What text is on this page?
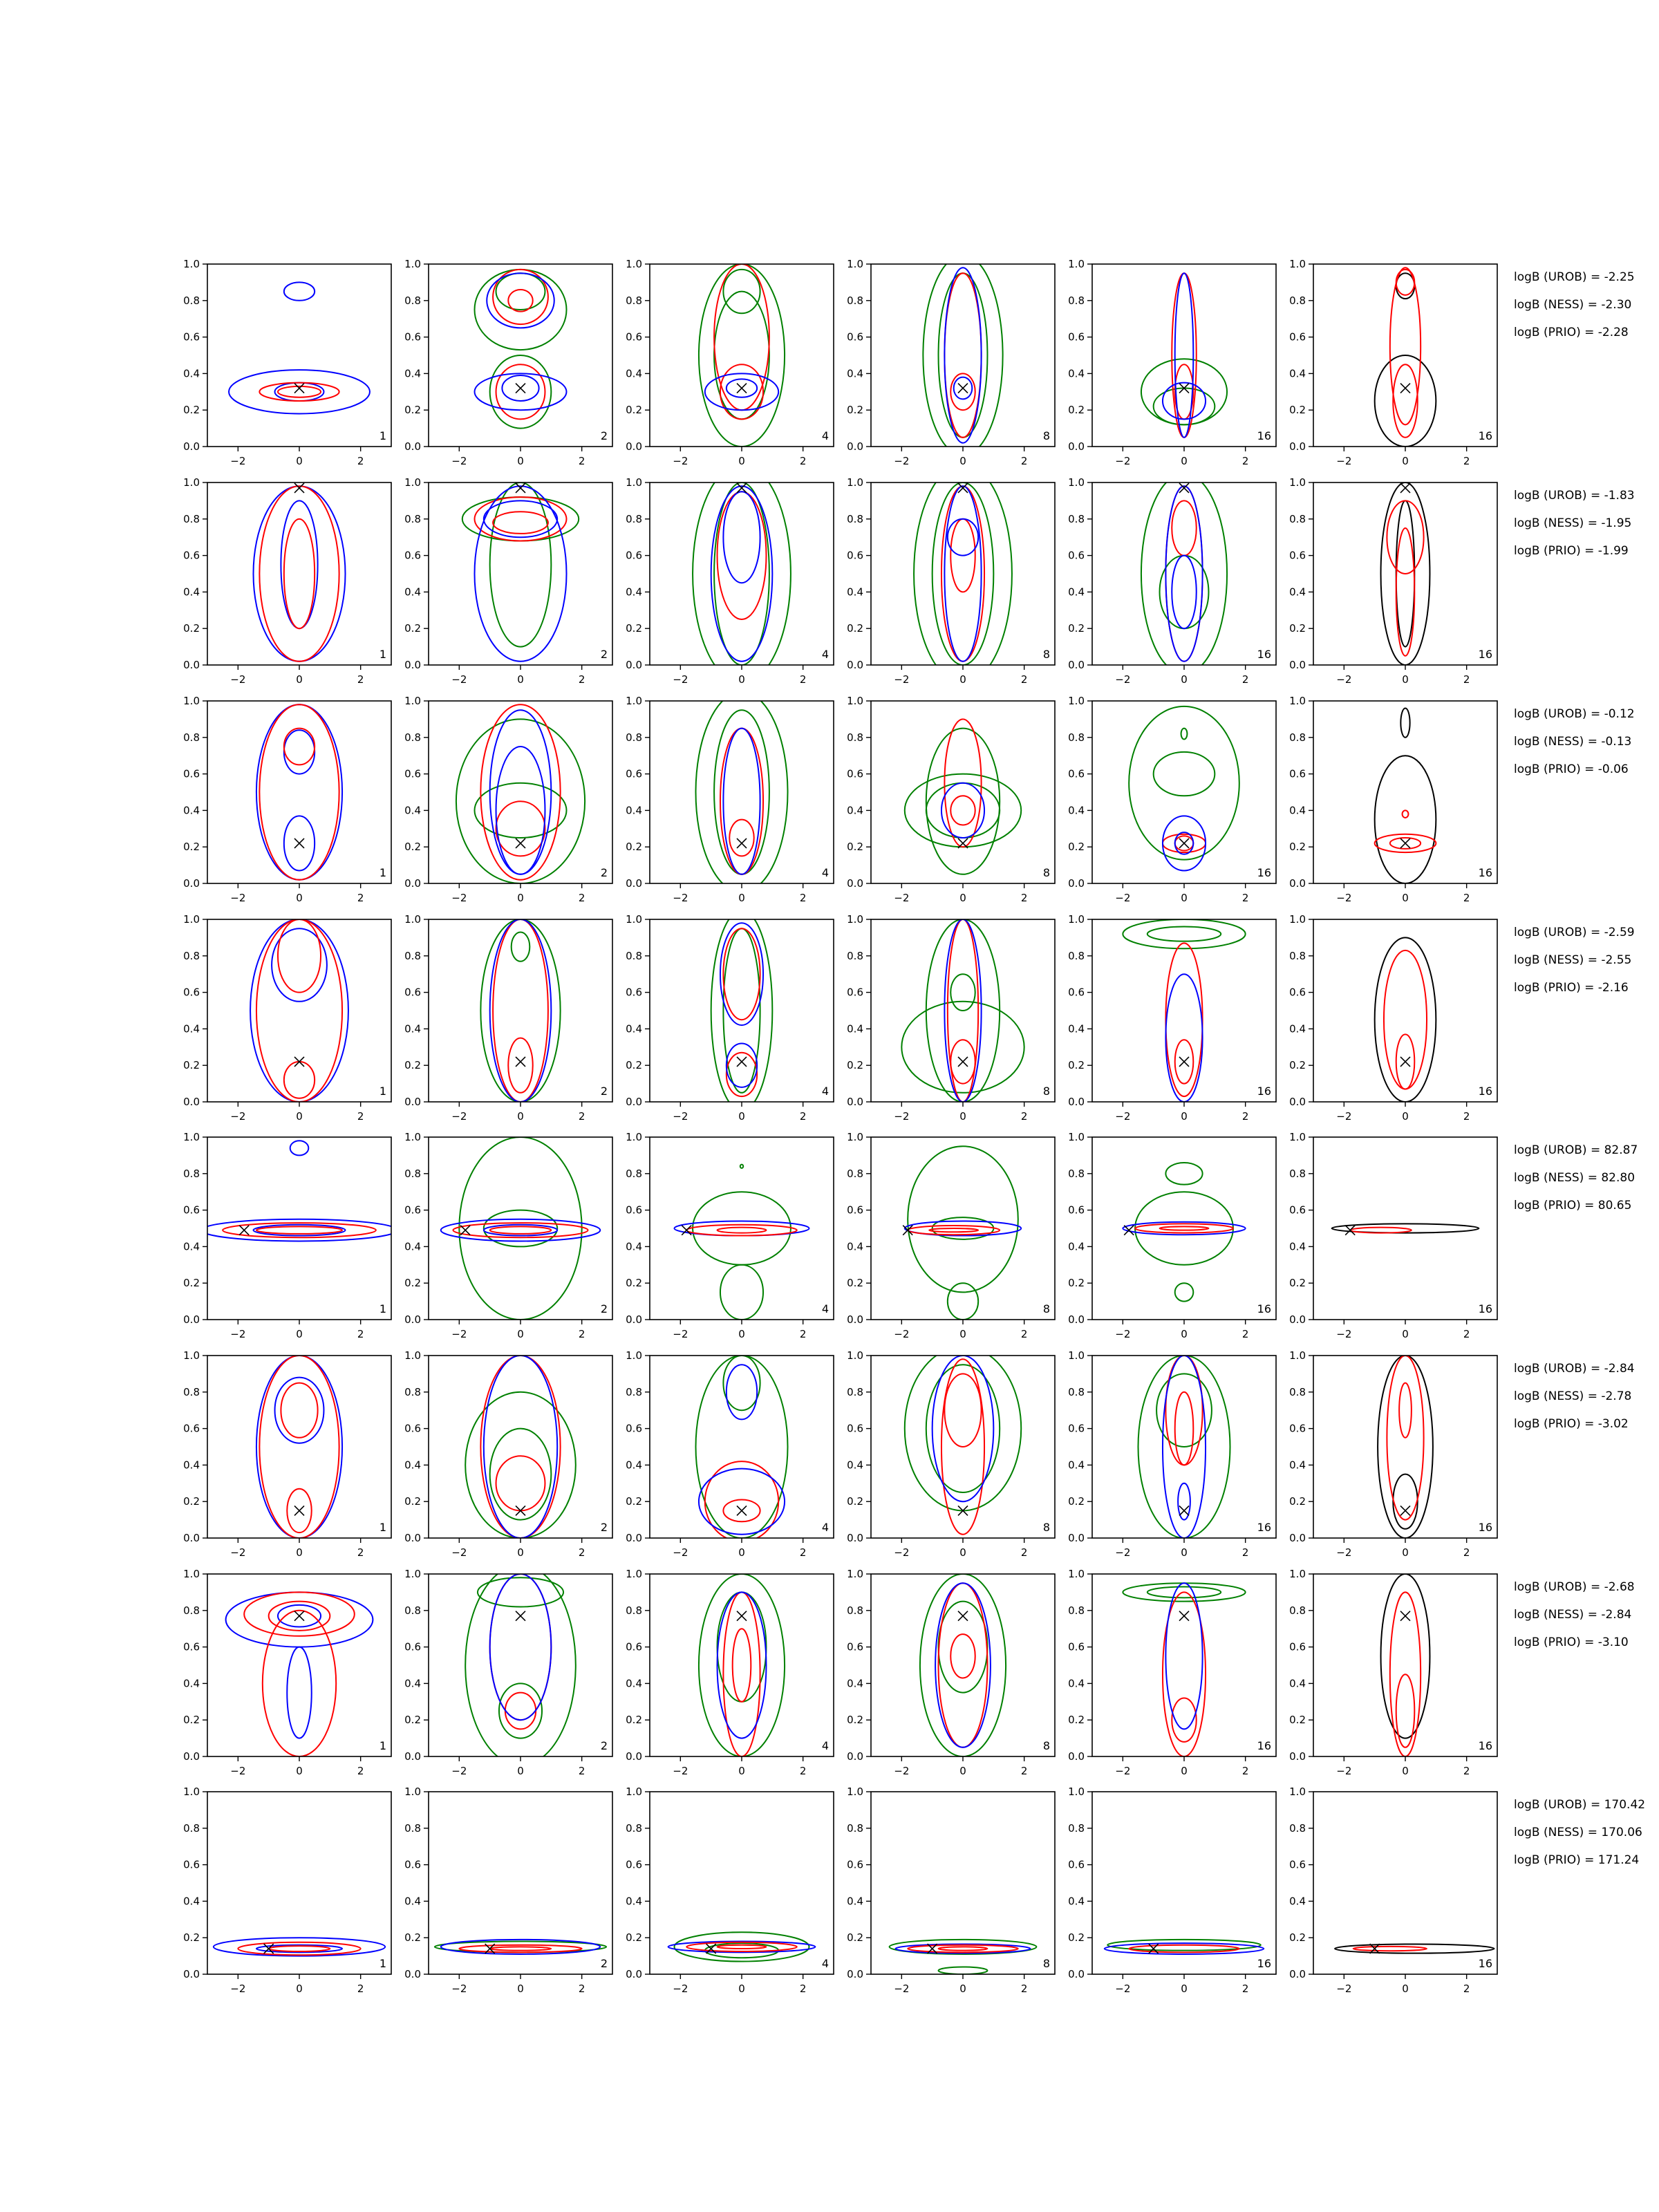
−2	0	2
0.0
0.2
0.4
0.6
0.8
1.0
1
−2	0	2
0.0
0.2
0.4
0.6
0.8
1.0
2
−2	0	2
0.0
0.2
0.4
0.6
0.8
1.0
4
−2	0	2
0.0
0.2
0.4
0.6
0.8
1.0
8
−2	0	2
0.0
0.2
0.4
0.6
0.8
1.0
16
−2	0	2
0.0
0.2
0.4
0.6
0.8
1.0
16
logB (UROB) = -2.25
logB (NESS) = -2.30
logB (PRIO) = -2.28
−2	0	2
0.0
0.2
0.4
0.6
0.8
1.0
1
−2	0	2
0.0
0.2
0.4
0.6
0.8
1.0
2
−2	0	2
0.0
0.2
0.4
0.6
0.8
1.0
4
−2	0	2
0.0
0.2
0.4
0.6
0.8
1.0
8
−2	0	2
0.0
0.2
0.4
0.6
0.8
1.0
16
−2	0	2
0.0
0.2
0.4
0.6
0.8
1.0
16
logB (UROB) = -1.83
logB (NESS) = -1.95
logB (PRIO) = -1.99
−2	0	2
0.0
0.2
0.4
0.6
0.8
1.0
1
−2	0	2
0.0
0.2
0.4
0.6
0.8
1.0
2
−2	0	2
0.0
0.2
0.4
0.6
0.8
1.0
4
−2	0	2
0.0
0.2
0.4
0.6
0.8
1.0
8
−2	0	2
0.0
0.2
0.4
0.6
0.8
1.0
16
−2	0	2
0.0
0.2
0.4
0.6
0.8
1.0
16
logB (UROB) = -0.12
logB (NESS) = -0.13
logB (PRIO) = -0.06
−2	0	2
0.0
0.2
0.4
0.6
0.8
1.0
1
−2	0	2
0.0
0.2
0.4
0.6
0.8
1.0
2
−2	0	2
0.0
0.2
0.4
0.6
0.8
1.0
4
−2	0	2
0.0
0.2
0.4
0.6
0.8
1.0
8
−2	0	2
0.0
0.2
0.4
0.6
0.8
1.0
16
−2	0	2
0.0
0.2
0.4
0.6
0.8
1.0
16
logB (UROB) = -2.59
logB (NESS) = -2.55
logB (PRIO) = -2.16
−2	0	2
0.0
0.2
0.4
0.6
0.8
1.0
1
−2	0	2
0.0
0.2
0.4
0.6
0.8
1.0
2
−2	0	2
0.0
0.2
0.4
0.6
0.8
1.0
4
−2	0	2
0.0
0.2
0.4
0.6
0.8
1.0
8
−2	0	2
0.0
0.2
0.4
0.6
0.8
1.0
16
−2	0	2
0.0
0.2
0.4
0.6
0.8
1.0
16
logB (UROB) = 82.87
logB (NESS) = 82.80
logB (PRIO) = 80.65
−2	0	2
0.0
0.2
0.4
0.6
0.8
1.0
1
−2	0	2
0.0
0.2
0.4
0.6
0.8
1.0
2
−2	0	2
0.0
0.2
0.4
0.6
0.8
1.0
4
−2	0	2
0.0
0.2
0.4
0.6
0.8
1.0
8
−2	0	2
0.0
0.2
0.4
0.6
0.8
1.0
16
−2	0	2
0.0
0.2
0.4
0.6
0.8
1.0
16
logB (UROB) = -2.84
logB (NESS) = -2.78
logB (PRIO) = -3.02
−2	0	2
0.0
0.2
0.4
0.6
0.8
1.0
1
−2	0	2
0.0
0.2
0.4
0.6
0.8
1.0
2
−2	0	2
0.0
0.2
0.4
0.6
0.8
1.0
4
−2	0	2
0.0
0.2
0.4
0.6
0.8
1.0
8
−2	0	2
0.0
0.2
0.4
0.6
0.8
1.0
16
−2	0	2
0.0
0.2
0.4
0.6
0.8
1.0
16
logB (UROB) = -2.68
logB (NESS) = -2.84
logB (PRIO) = -3.10
−2	0	2
0.0
0.2
0.4
0.6
0.8
1.0
1
−2	0	2
0.0
0.2
0.4
0.6
0.8
1.0
2
−2	0	2
0.0
0.2
0.4
0.6
0.8
1.0
4
−2	0	2
0.0
0.2
0.4
0.6
0.8
1.0
8
−2	0	2
0.0
0.2
0.4
0.6
0.8
1.0
16
−2	0	2
0.0
0.2
0.4
0.6
0.8
1.0
16
logB (UROB) = 170.42
logB (NESS) = 170.06
logB (PRIO) = 171.24
